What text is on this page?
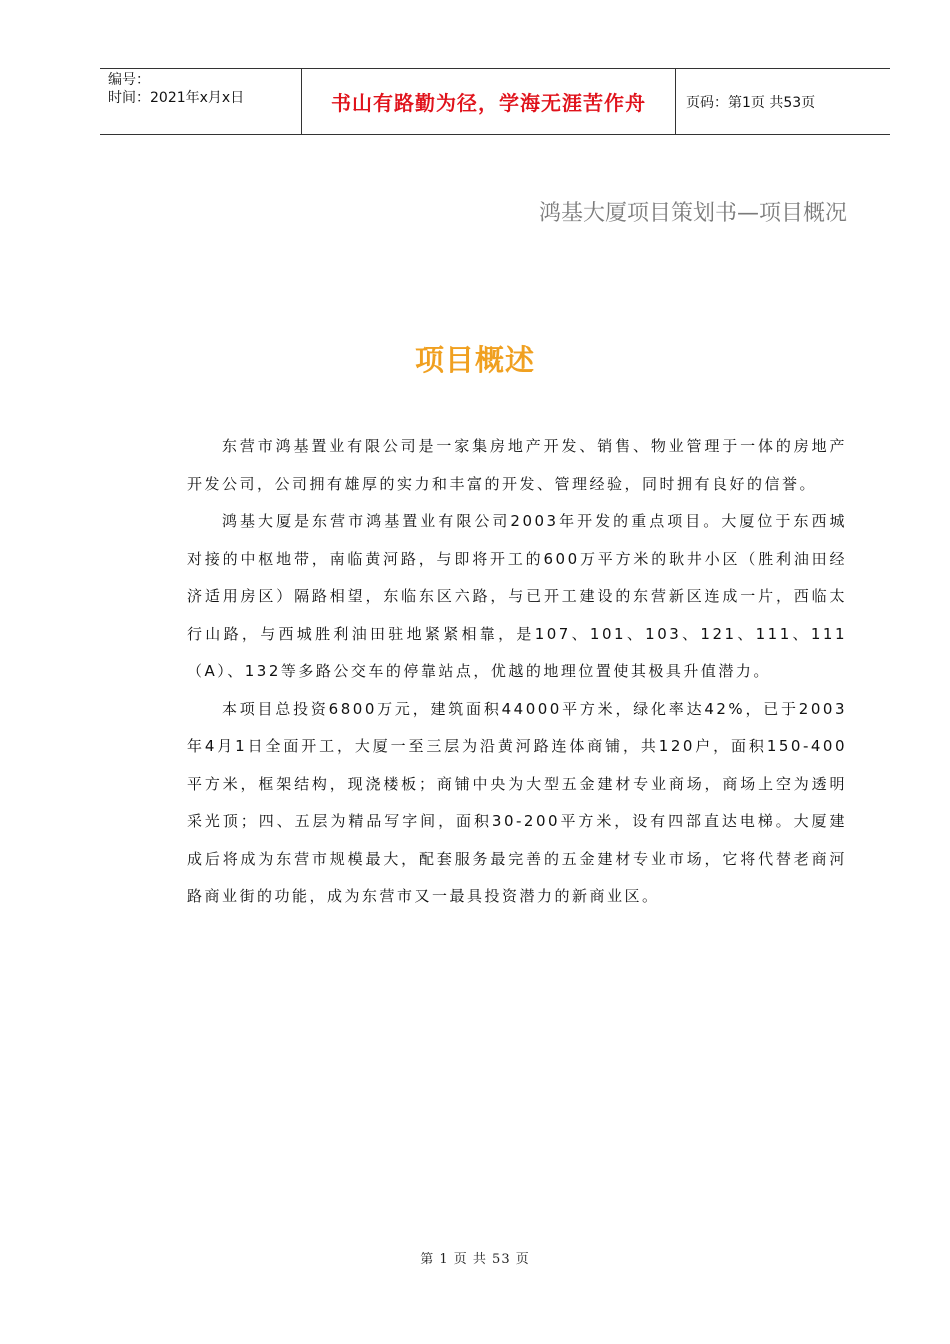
编号：
时间：2021年x月x日	书山有路勤为径，学海无涯苦作舟	页码：第1页 共53页
鸿基大厦项目策划书—项目概况
项目概述

东营市鸿基置业有限公司是一家集房地产开发、销售、物业管理于一体的房地产开发公司，公司拥有雄厚的实力和丰富的开发、管理经验，同时拥有良好的信誉。

鸿基大厦是东营市鸿基置业有限公司2003年开发的重点项目。大厦位于东西城对接的中枢地带，南临黄河路，与即将开工的600万平方米的耿井小区（胜利油田经济适用房区）隔路相望，东临东区六路，与已开工建设的东营新区连成一片，西临太行山路，与西城胜利油田驻地紧紧相靠，是107、101、103、121、111、111（A）、132等多路公交车的停靠站点，优越的地理位置使其极具升值潜力。

本项目总投资6800万元，建筑面积44000平方米，绿化率达42%，已于2003年4月1日全面开工，大厦一至三层为沿黄河路连体商铺，共120户，面积150-400平方米，框架结构，现浇楼板；商铺中央为大型五金建材专业商场，商场上空为透明采光顶；四、五层为精品写字间，面积30-200平方米，设有四部直达电梯。大厦建成后将成为东营市规模最大，配套服务最完善的五金建材专业市场，它将代替老商河路商业街的功能，成为东营市又一最具投资潜力的新商业区。

第 1 页 共 53 页
